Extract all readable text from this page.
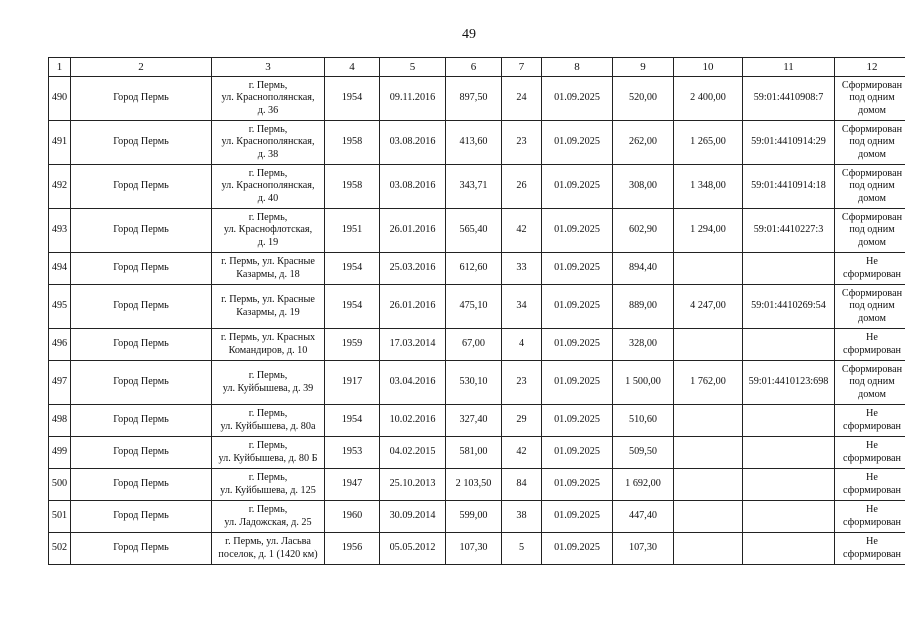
49
1	2	3	4	5	6	7	8	9	10	11	12
490	Город Пермь	г. Пермь,
ул. Краснополянская,
д. 36	1954	09.11.2016	897,50	24	01.09.2025	520,00	2 400,00	59:01:4410908:7	Сформирован под одним домом
491	Город Пермь	г. Пермь,
ул. Краснополянская,
д. 38	1958	03.08.2016	413,60	23	01.09.2025	262,00	1 265,00	59:01:4410914:29	Сформирован под одним домом
492	Город Пермь	г. Пермь,
ул. Краснополянская,
д. 40	1958	03.08.2016	343,71	26	01.09.2025	308,00	1 348,00	59:01:4410914:18	Сформирован под одним домом
493	Город Пермь	г. Пермь,
ул. Краснофлотская,
д. 19	1951	26.01.2016	565,40	42	01.09.2025	602,90	1 294,00	59:01:4410227:3	Сформирован под одним домом
494	Город Пермь	г. Пермь, ул. Красные
Казармы, д. 18	1954	25.03.2016	612,60	33	01.09.2025	894,40			Не сформирован
495	Город Пермь	г. Пермь, ул. Красные
Казармы, д. 19	1954	26.01.2016	475,10	34	01.09.2025	889,00	4 247,00	59:01:4410269:54	Сформирован под одним домом
496	Город Пермь	г. Пермь, ул. Красных
Командиров, д. 10	1959	17.03.2014	67,00	4	01.09.2025	328,00			Не сформирован
497	Город Пермь	г. Пермь,
ул. Куйбышева, д. 39	1917	03.04.2016	530,10	23	01.09.2025	1 500,00	1 762,00	59:01:4410123:698	Сформирован под одним домом
498	Город Пермь	г. Пермь,
ул. Куйбышева, д. 80а	1954	10.02.2016	327,40	29	01.09.2025	510,60			Не сформирован
499	Город Пермь	г. Пермь,
ул. Куйбышева, д. 80 Б	1953	04.02.2015	581,00	42	01.09.2025	509,50			Не сформирован
500	Город Пермь	г. Пермь,
ул. Куйбышева, д. 125	1947	25.10.2013	2 103,50	84	01.09.2025	1 692,00			Не сформирован
501	Город Пермь	г. Пермь,
ул. Ладожская, д. 25	1960	30.09.2014	599,00	38	01.09.2025	447,40			Не сформирован
502	Город Пермь	г. Пермь, ул. Ласьва
поселок, д. 1 (1420 км)	1956	05.05.2012	107,30	5	01.09.2025	107,30			Не сформирован
